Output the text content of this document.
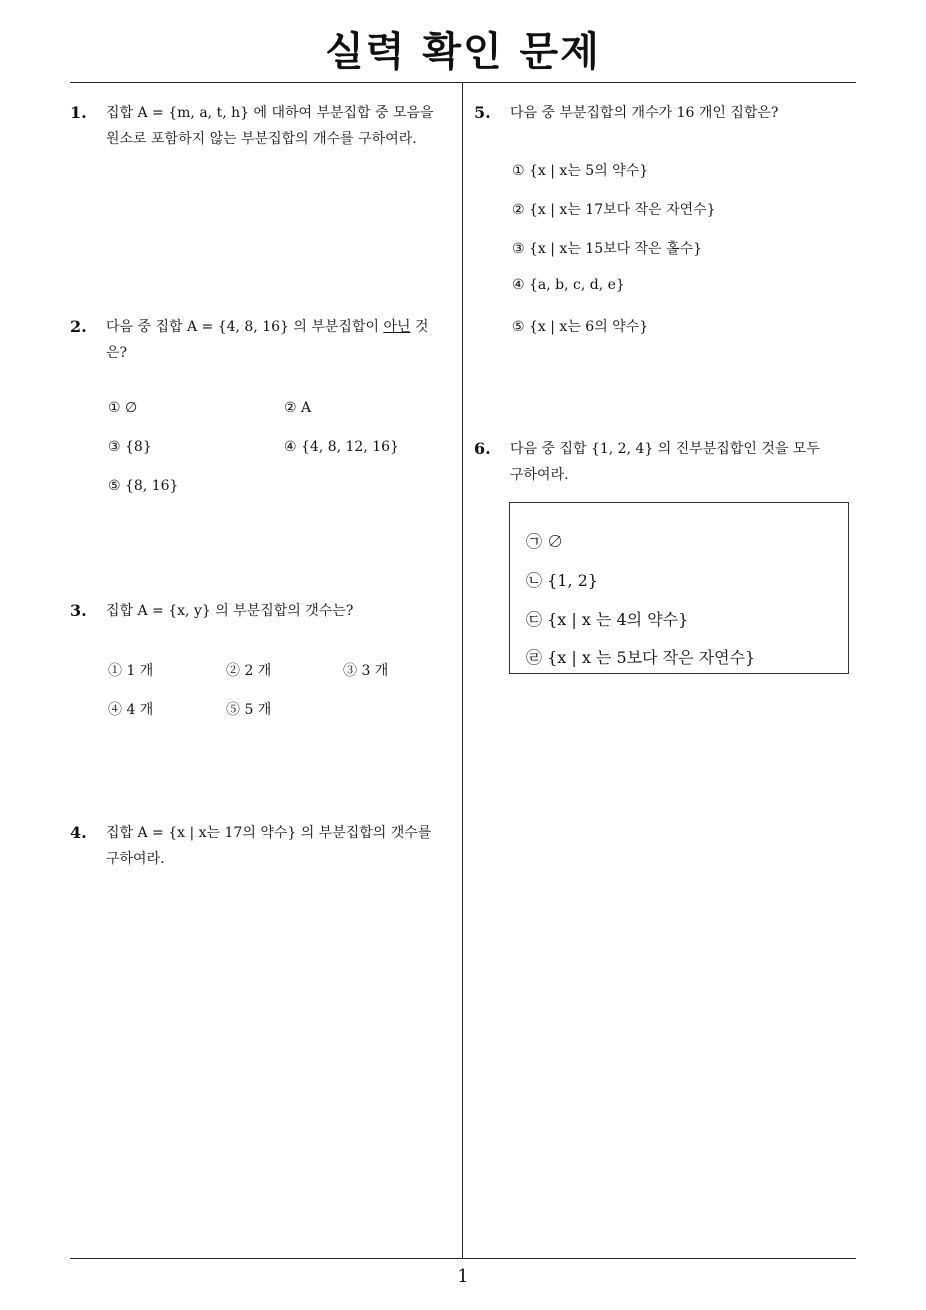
실력 확인 문제
1. 집합 A = {m, a, t, h} 에 대하여 부분집합 중 모음을
원소로 포함하지 않는 부분집합의 개수를 구하여라.
2. 다음 중 집합 A = {4, 8, 16} 의 부분집합이 아닌 것
은?
① ∅	② A
③ {8}	④ {4, 8, 12, 16}
⑤ {8, 16}
3. 집합 A = {x, y} 의 부분집합의 갯수는?
① 1 개	② 2 개	③ 3 개
④ 4 개	⑤ 5 개
4. 집합 A = {x | x는 17의 약수} 의 부분집합의 갯수를
구하여라.
5. 다음 중 부분집합의 개수가 16 개인 집합은?
① {x | x는 5의 약수}
② {x | x는 17보다 작은 자연수}
③ {x | x는 15보다 작은 홀수}
④ {a, b, c, d, e}
⑤ {x | x는 6의 약수}
6. 다음 중 집합 {1, 2, 4} 의 진부분집합인 것을 모두
구하여라.
㉠ ∅
㉡ {1, 2}
㉢ {x | x 는 4의 약수}
㉣ {x | x 는 5보다 작은 자연수}
1
